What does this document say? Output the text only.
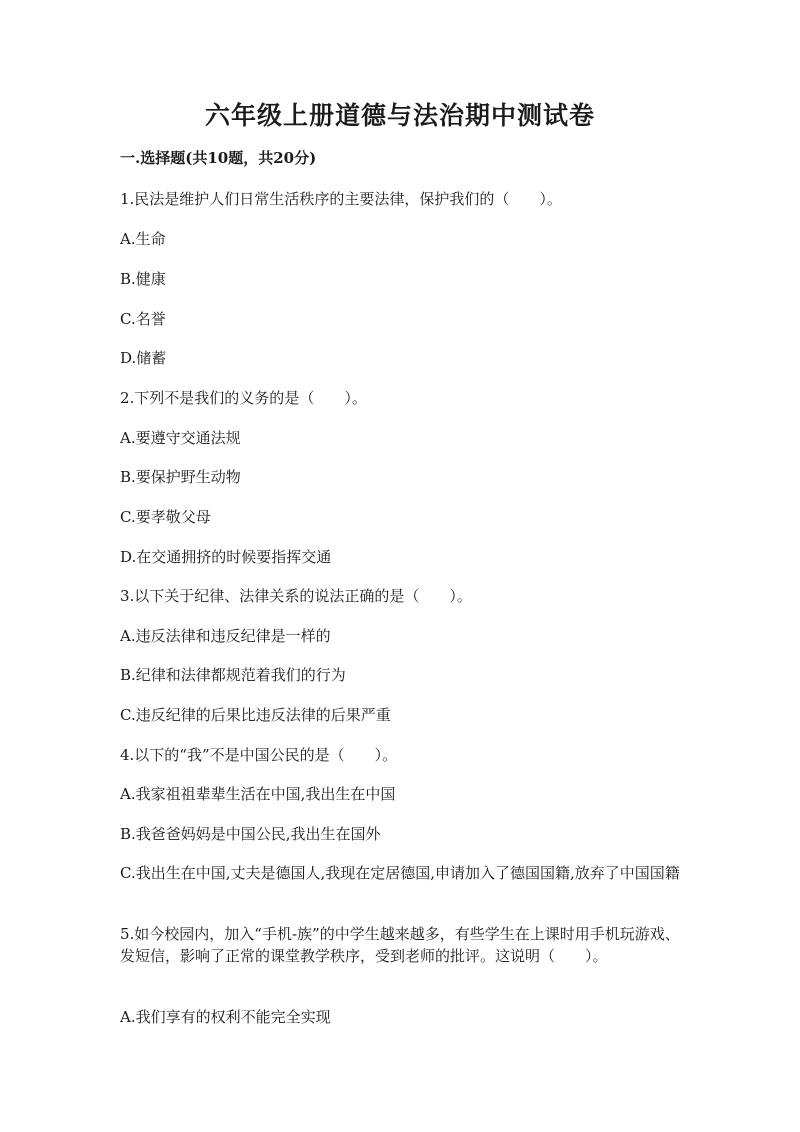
六年级上册道德与法治期中测试卷

一.选择题(共10题，共20分)

1.民法是维护人们日常生活秩序的主要法律，保护我们的（　　）。

A.生命

B.健康

C.名誉

D.储蓄

2.下列不是我们的义务的是（　　）。

A.要遵守交通法规

B.要保护野生动物

C.要孝敬父母

D.在交通拥挤的时候要指挥交通

3.以下关于纪律、法律关系的说法正确的是（　　）。

A.违反法律和违反纪律是一样的

B.纪律和法律都规范着我们的行为

C.违反纪律的后果比违反法律的后果严重

4.以下的“我”不是中国公民的是（　　）。

A.我家祖祖辈辈生活在中国,我出生在中国

B.我爸爸妈妈是中国公民,我出生在国外

C.我出生在中国,丈夫是德国人,我现在定居德国,申请加入了德国国籍,放弃了中国国籍

5.如今校园内，加入“手机-族”的中学生越来越多，有些学生在上课时用手机玩游戏、发短信，影响了正常的课堂教学秩序，受到老师的批评。这说明（　　）。

A.我们享有的权利不能完全实现
